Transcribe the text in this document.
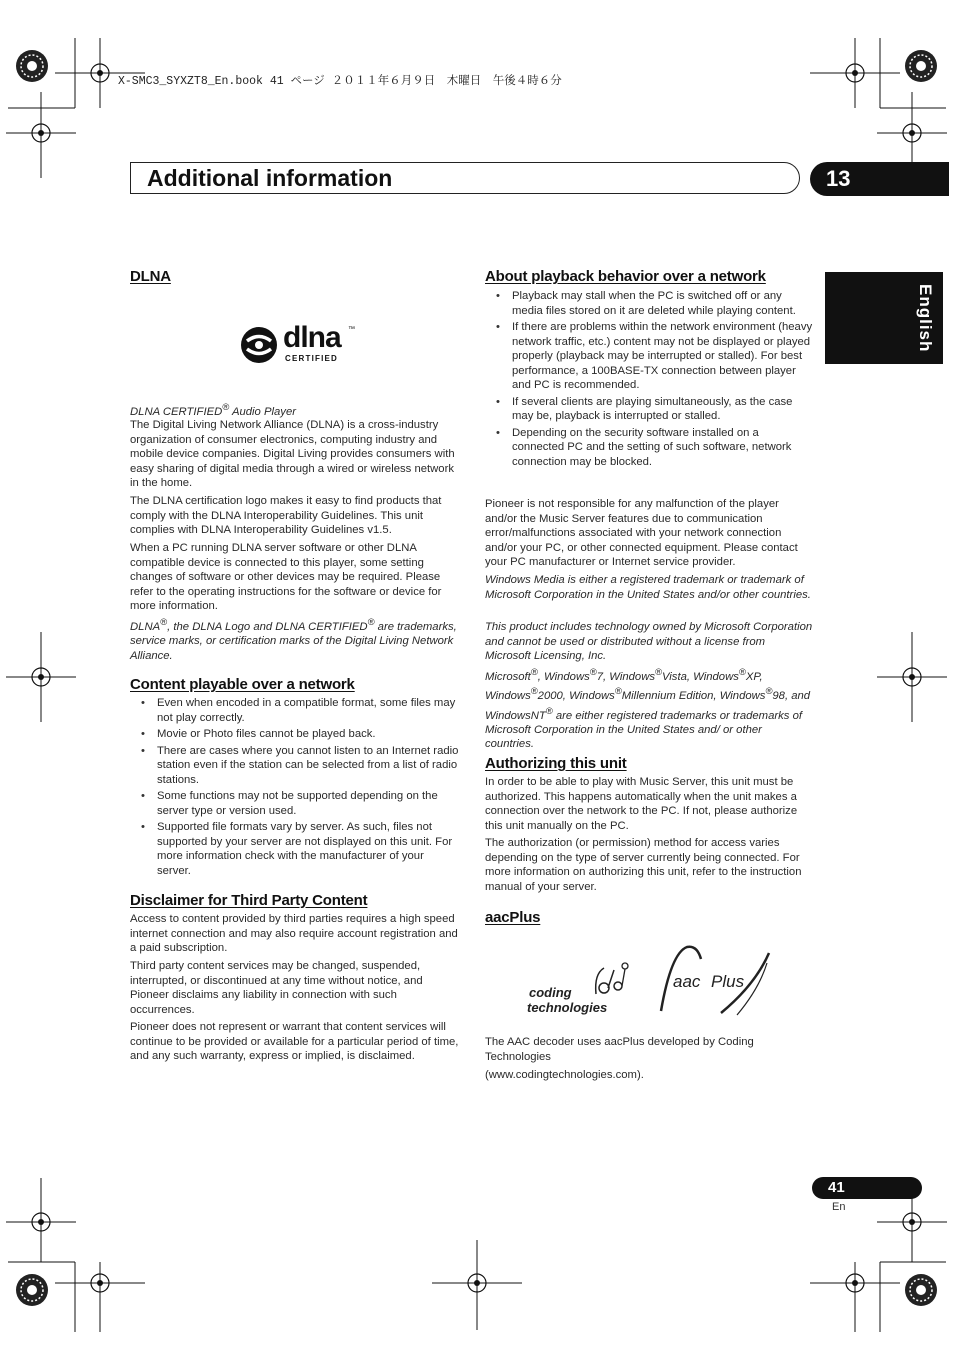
X-SMC3_SYXZT8_En.book 41 ページ ２０１１年６月９日　木曜日　午後４時６分
Additional information	13
English
DLNA
dlna ™
CERTIFIED

DLNA CERTIFIED® Audio Player

The Digital Living Network Alliance (DLNA) is a cross-industry organization of consumer electronics, computing industry and mobile device companies. Digital Living provides consumers with easy sharing of digital media through a wired or wireless network in the home.

The DLNA certification logo makes it easy to find products that comply with the DLNA Interoperability Guidelines. This unit complies with DLNA Interoperability Guidelines v1.5.

When a PC running DLNA server software or other DLNA compatible device is connected to this player, some setting changes of software or other devices may be required. Please refer to the operating instructions for the software or device for more information.

DLNA®, the DLNA Logo and DLNA CERTIFIED® are trademarks, service marks, or certification marks of the Digital Living Network Alliance.

Content playable over a network
• Even when encoded in a compatible format, some files may not play correctly.
• Movie or Photo files cannot be played back.
• There are cases where you cannot listen to an Internet radio station even if the station can be selected from a list of radio stations.
• Some functions may not be supported depending on the server type or version used.
• Supported file formats vary by server. As such, files not supported by your server are not displayed on this unit. For more information check with the manufacturer of your server.
Disclaimer for Third Party Content

Access to content provided by third parties requires a high speed internet connection and may also require account registration and a paid subscription.

Third party content services may be changed, suspended, interrupted, or discontinued at any time without notice, and Pioneer disclaims any liability in connection with such occurrences.

Pioneer does not represent or warrant that content services will continue to be provided or available for a particular period of time, and any such warranty, express or implied, is disclaimed.

About playback behavior over a network
• Playback may stall when the PC is switched off or any media files stored on it are deleted while playing content.
• If there are problems within the network environment (heavy network traffic, etc.) content may not be displayed or played properly (playback may be interrupted or stalled). For best performance, a 100BASE-TX connection between player and PC is recommended.
• If several clients are playing simultaneously, as the case may be, playback is interrupted or stalled.
• Depending on the security software installed on a connected PC and the setting of such software, network connection may be blocked.

Pioneer is not responsible for any malfunction of the player and/or the Music Server features due to communication error/malfunctions associated with your network connection and/or your PC, or other connected equipment. Please contact your PC manufacturer or Internet service provider.

Windows Media is either a registered trademark or trademark of Microsoft Corporation in the United States and/or other countries.

This product includes technology owned by Microsoft Corporation and cannot be used or distributed without a license from Microsoft Licensing, Inc.

Microsoft®, Windows®7, Windows®Vista, Windows®XP, Windows®2000, Windows®Millennium Edition, Windows®98, and WindowsNT® are either registered trademarks or trademarks of Microsoft Corporation in the United States and/ or other countries.

Authorizing this unit

In order to be able to play with Music Server, this unit must be authorized. This happens automatically when the unit makes a connection over the network to the PC. If not, please authorize this unit manually on the PC.

The authorization (or permission) method for access varies depending on the type of server currently being connected. For more information on authorizing this unit, refer to the instruction manual of your server.

aacPlus
coding
technologies
aac Plus

The AAC decoder uses aacPlus developed by Coding Technologies

(www.codingtechnologies.com).

41
En
